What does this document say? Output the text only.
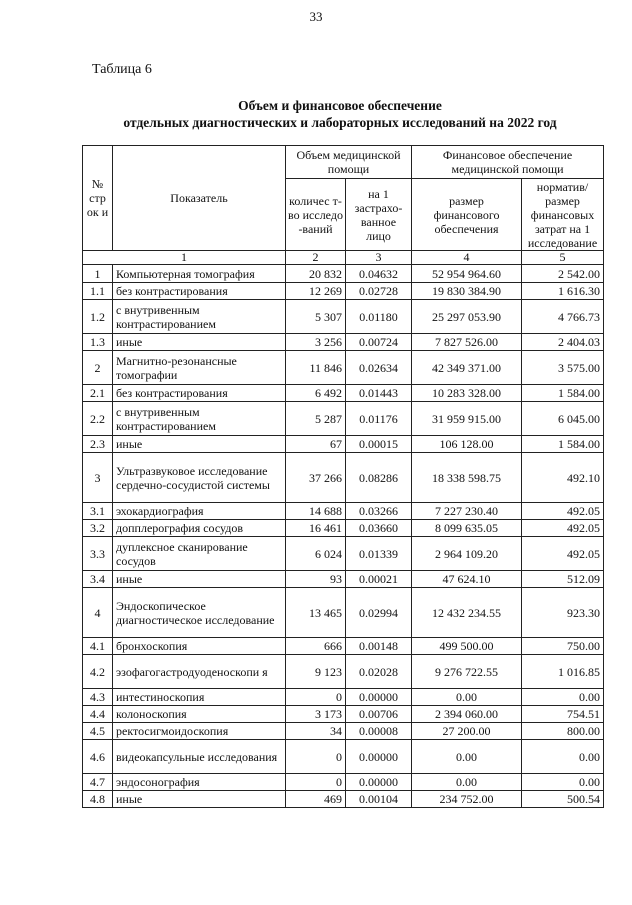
33
Таблица 6
Объем и финансовое обеспечение
отдельных диагностических и лабораторных исследований на 2022 год
№ стр ок и	Показатель	Объем медицинской помощи		Финансовое обеспечение медицинской помощи	
		количес т-во исследо -ваний	на 1 застрахо- ванное лицо	размер финансового обеспечения	норматив/ размер финансовых затрат на 1 исследование
1		2	3	4	5
1	Компьютерная томография	20 832	0.04632	52 954 964.60	2 542.00
1.1	без контрастирования	12 269	0.02728	19 830 384.90	1 616.30
1.2	с внутривенным контрастированием	5 307	0.01180	25 297 053.90	4 766.73
1.3	иные	3 256	0.00724	7 827 526.00	2 404.03
2	Магнитно-резонансные томографии	11 846	0.02634	42 349 371.00	3 575.00
2.1	без контрастирования	6 492	0.01443	10 283 328.00	1 584.00
2.2	с внутривенным контрастированием	5 287	0.01176	31 959 915.00	6 045.00
2.3	иные	67	0.00015	106 128.00	1 584.00
3	Ультразвуковое исследование сердечно-сосудистой системы	37 266	0.08286	18 338 598.75	492.10
3.1	эхокардиография	14 688	0.03266	7 227 230.40	492.05
3.2	допплерография сосудов	16 461	0.03660	8 099 635.05	492.05
3.3	дуплексное сканирование сосудов	6 024	0.01339	2 964 109.20	492.05
3.4	иные	93	0.00021	47 624.10	512.09
4	Эндоскопическое диагностическое исследование	13 465	0.02994	12 432 234.55	923.30
4.1	бронхоскопия	666	0.00148	499 500.00	750.00
4.2	эзофагогастродуоденоскопи я	9 123	0.02028	9 276 722.55	1 016.85
4.3	интестиноскопия	0	0.00000	0.00	0.00
4.4	колоноскопия	3 173	0.00706	2 394 060.00	754.51
4.5	ректосигмоидоскопия	34	0.00008	27 200.00	800.00
4.6	видеокапсульные исследования	0	0.00000	0.00	0.00
4.7	эндосонография	0	0.00000	0.00	0.00
4.8	иные	469	0.00104	234 752.00	500.54
